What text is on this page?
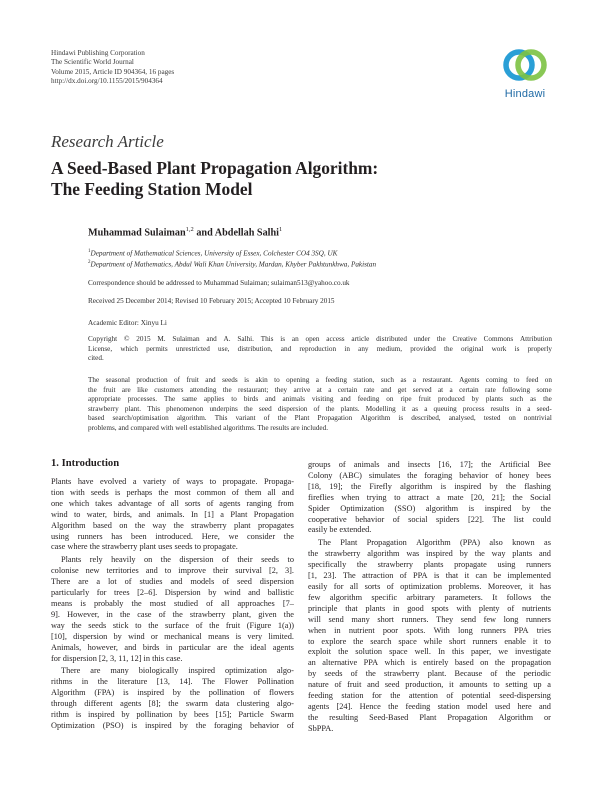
Hindawi Publishing Corporation
The Scientific World Journal
Volume 2015, Article ID 904364, 16 pages
http://dx.doi.org/10.1155/2015/904364
Hindawi
Research Article
A Seed-Based Plant Propagation Algorithm:
The Feeding Station Model
Muhammad Sulaiman$^{1,2}$ and Abdellah Salhi$^1$
$^1$Department of Mathematical Sciences, University of Essex, Colchester CO4 3SQ, UK
$^2$Department of Mathematics, Abdul Wali Khan University, Mardan, Khyber Pakhtunkhwa, Pakistan
Correspondence should be addressed to Muhammad Sulaiman; sulaiman513@yahoo.co.uk
Received 25 December 2014; Revised 10 February 2015; Accepted 10 February 2015
Academic Editor: Xinyu Li
Copyright © 2015 M. Sulaiman and A. Salhi. This is an open access article distributed under the Creative Commons Attribution
License, which permits unrestricted use, distribution, and reproduction in any medium, provided the original work is properly
cited.
The seasonal production of fruit and seeds is akin to opening a feeding station, such as a restaurant. Agents coming to feed on
the fruit are like customers attending the restaurant; they arrive at a certain rate and get served at a certain rate following some
appropriate processes. The same applies to birds and animals visiting and feeding on ripe fruit produced by plants such as the
strawberry plant. This phenomenon underpins the seed dispersion of the plants. Modelling it as a queuing process results in a seed-
based search/optimisation algorithm. This variant of the Plant Propagation Algorithm is described, analysed, tested on nontrivial
problems, and compared with well established algorithms. The results are included.
1. Introduction
Plants have evolved a variety of ways to propagate. Propaga-
tion with seeds is perhaps the most common of them all and
one which takes advantage of all sorts of agents ranging from
wind to water, birds, and animals. In [1] a Plant Propagation
Algorithm based on the way the strawberry plant propagates
using runners has been introduced. Here, we consider the
case where the strawberry plant uses seeds to propagate.
Plants rely heavily on the dispersion of their seeds to
colonise new territories and to improve their survival [2, 3].
There are a lot of studies and models of seed dispersion
particularly for trees [2–6]. Dispersion by wind and ballistic
means is probably the most studied of all approaches [7–
9]. However, in the case of the strawberry plant, given the
way the seeds stick to the surface of the fruit (Figure 1(a))
[10], dispersion by wind or mechanical means is very limited.
Animals, however, and birds in particular are the ideal agents
for dispersion [2, 3, 11, 12] in this case.
There are many biologically inspired optimization algo-
rithms in the literature [13, 14]. The Flower Pollination
Algorithm (FPA) is inspired by the pollination of flowers
through different agents [8]; the swarm data clustering algo-
rithm is inspired by pollination by bees [15]; Particle Swarm
Optimization (PSO) is inspired by the foraging behavior of
groups of animals and insects [16, 17]; the Artificial Bee
Colony (ABC) simulates the foraging behavior of honey bees
[18, 19]; the Firefly algorithm is inspired by the flashing
fireflies when trying to attract a mate [20, 21]; the Social
Spider Optimization (SSO) algorithm is inspired by the
cooperative behavior of social spiders [22]. The list could
easily be extended.
The Plant Propagation Algorithm (PPA) also known as
the strawberry algorithm was inspired by the way plants and
specifically the strawberry plants propagate using runners
[1, 23]. The attraction of PPA is that it can be implemented
easily for all sorts of optimization problems. Moreover, it has
few algorithm specific arbitrary parameters. It follows the
principle that plants in good spots with plenty of nutrients
will send many short runners. They send few long runners
when in nutrient poor spots. With long runners PPA tries
to explore the search space while short runners enable it to
exploit the solution space well. In this paper, we investigate
an alternative PPA which is entirely based on the propagation
by seeds of the strawberry plant. Because of the periodic
nature of fruit and seed production, it amounts to setting up a
feeding station for the attention of potential seed-dispersing
agents [24]. Hence the feeding station model used here and
the resulting Seed-Based Plant Propagation Algorithm or
SbPPA.
